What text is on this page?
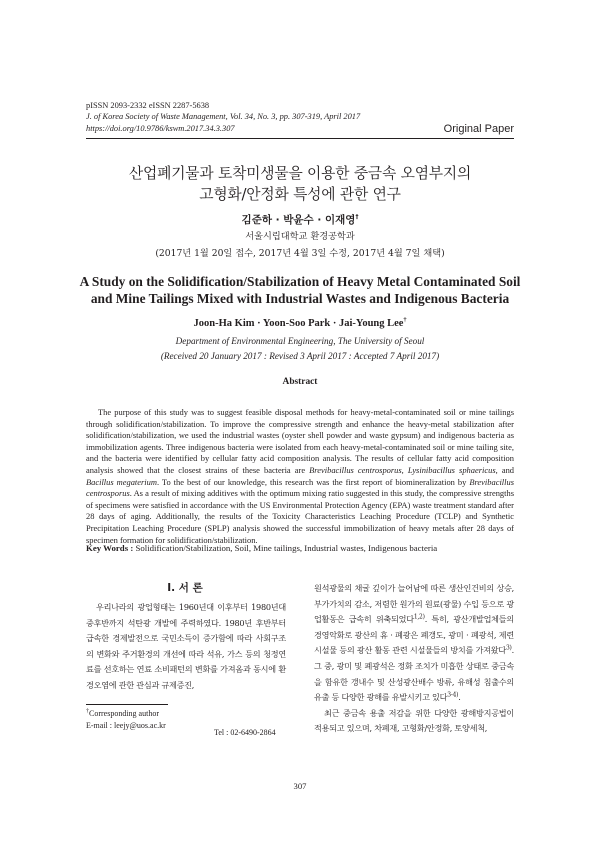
pISSN 2093-2332 eISSN 2287-5638
J. of Korea Society of Waste Management, Vol. 34, No. 3, pp. 307-319, April 2017
https://doi.org/10.9786/kswm.2017.34.3.307	Original Paper
산업폐기물과 토착미생물을 이용한 중금속 오염부지의
고형화/안정화 특성에 관한 연구
김준하 · 박윤수 · 이재영†
서울시립대학교 환경공학과
(2017년 1월 20일 접수, 2017년 4월 3일 수정, 2017년 4월 7일 채택)
A Study on the Solidification/Stabilization of Heavy Metal Contaminated Soil
and Mine Tailings Mixed with Industrial Wastes and Indigenous Bacteria
Joon-Ha Kim · Yoon-Soo Park · Jai-Young Lee†
Department of Environmental Engineering, The University of Seoul
(Received 20 January 2017 : Revised 3 April 2017 : Accepted 7 April 2017)
Abstract

The purpose of this study was to suggest feasible disposal methods for heavy-metal-contaminated soil or mine tailings through solidification/stabilization. To improve the compressive strength and enhance the heavy-metal stabilization after solidification/stabilization, we used the industrial wastes (oyster shell powder and waste gypsum) and indigenous bacteria as immobilization agents. Three indigenous bacteria were isolated from each heavy-metal-contaminated soil or mine tailing site, and the bacteria were identified by cellular fatty acid composition analysis. The results of cellular fatty acid composition analysis showed that the closest strains of these bacteria are Brevibacillus centrosporus, Lysinibacillus sphaericus, and Bacillus megaterium. To the best of our knowledge, this research was the first report of biomineralization by Brevibacillus centrosporus. As a result of mixing additives with the optimum mixing ratio suggested in this study, the compressive strengths of specimens were satisfied in accordance with the US Environmental Protection Agency (EPA) waste treatment standard after 28 days of aging. Additionally, the results of the Toxicity Characteristics Leaching Procedure (TCLP) and Synthetic Precipitation Leaching Procedure (SPLP) analysis showed the successful immobilization of heavy metals after 28 days of specimen formation for solidification/stabilization.

Key Words : Solidification/Stabilization, Soil, Mine tailings, Industrial wastes, Indigenous bacteria
I. 서 론

우리나라의 광업형태는 1960년대 이후부터 1980년대 중후반까지 석탄광 개발에 주력하였다. 1980년 후반부터 급속한 경제발전으로 국민소득이 증가함에 따라 사회구조의 변화와 주거환경의 개선에 따라 석유, 가스 등의 청정연료를 선호하는 연료 소비패턴의 변화를 가져옴과 동시에 환경오염에 관한 관심과 규제증진,

원석광물의 채굴 깊이가 늘어남에 따른 생산인건비의 상승, 부가가치의 감소, 저렴한 원가의 원료(광물) 수입 등으로 광업활동은 급속히 위축되었다$^{1,2)}$. 특히, 광산개발업체들의 경영악화로 광산의 휴 · 폐광은 폐갱도, 광미 · 폐광석, 제련시설물 등의 광산 활동 관련 시설물들의 방치를 가져왔다$^{3)}$. 그 중, 광미 및 폐광석은 정화 조치가 미흡한 상태로 중금속을 함유한 갱내수 및 산성광산배수 방류, 유해성 침출수의 유출 등 다양한 광해를 유발시키고 있다$^{3-4)}$.
최근 중금속 용출 저감을 위한 다양한 광해방지공법이 적용되고 있으며, 차폐재, 고형화/안정화, 토양세척,
†Corresponding author
E-mail : leejy@uos.ac.kr
Tel : 02-6490-2864
307
